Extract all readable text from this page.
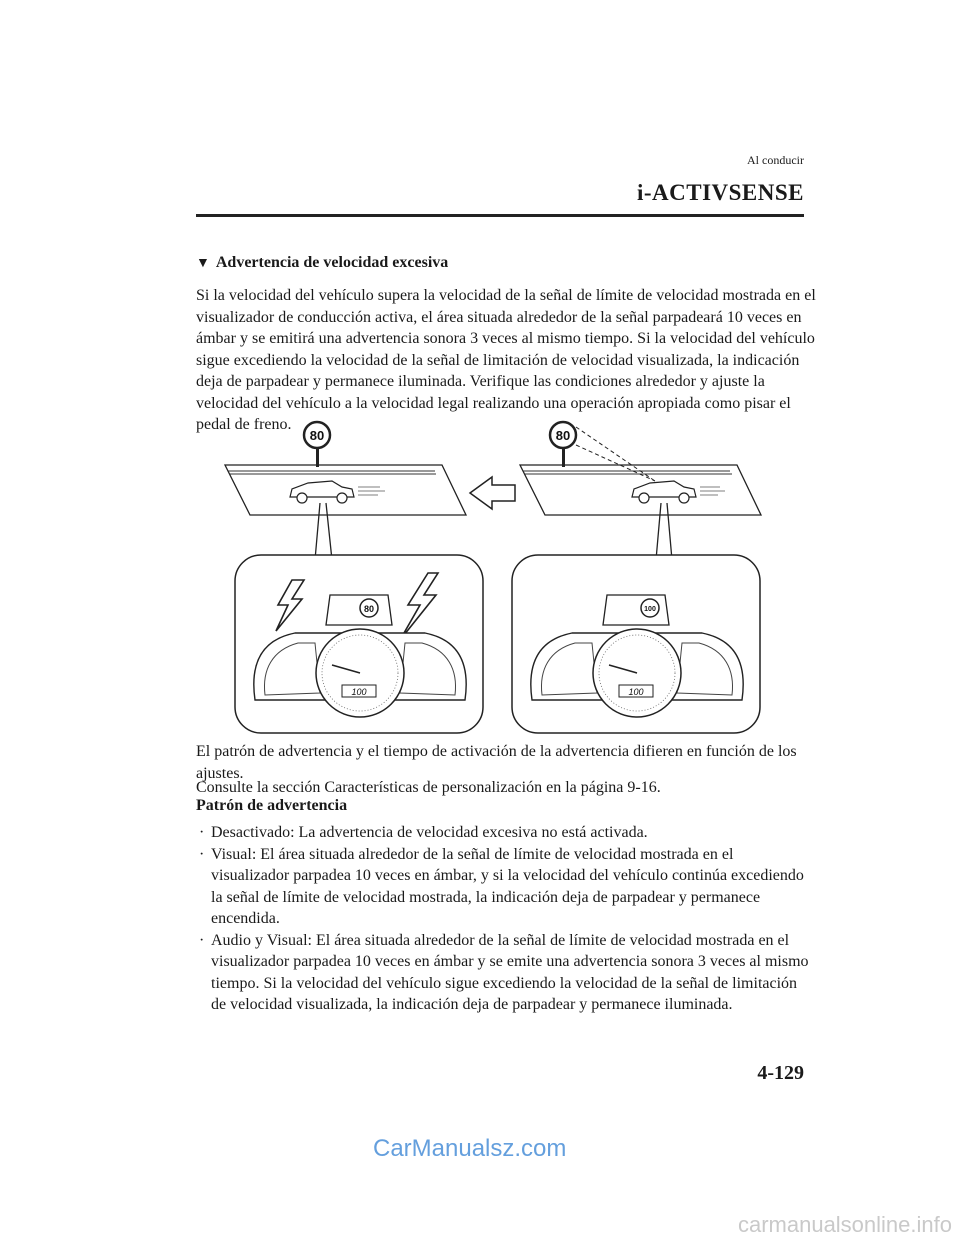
Al conducir
i-ACTIVSENSE
▼ Advertencia de velocidad excesiva

Si la velocidad del vehículo supera la velocidad de la señal de límite de velocidad mostrada en el visualizador de conducción activa, el área situada alrededor de la señal parpadeará 10 veces en ámbar y se emitirá una advertencia sonora 3 veces al mismo tiempo. Si la velocidad del vehículo sigue excediendo la velocidad de la señal de limitación de velocidad visualizada, la indicación deja de parpadear y permanece iluminada. Verifique las condiciones alrededor y ajuste la velocidad del vehículo a la velocidad legal realizando una operación apropiada como pisar el pedal de freno.

80	80
80
100
100
100

El patrón de advertencia y el tiempo de activación de la advertencia difieren en función de los ajustes.

Consulte la sección Características de personalización en la página 9-16.

Patrón de advertencia
· Desactivado: La advertencia de velocidad excesiva no está activada.
· Visual: El área situada alrededor de la señal de límite de velocidad mostrada en el visualizador parpadea 10 veces en ámbar, y si la velocidad del vehículo continúa excediendo la señal de límite de velocidad mostrada, la indicación deja de parpadear y permanece encendida.
· Audio y Visual: El área situada alrededor de la señal de límite de velocidad mostrada en el visualizador parpadea 10 veces en ámbar y se emite una advertencia sonora 3 veces al mismo tiempo. Si la velocidad del vehículo sigue excediendo la velocidad de la señal de limitación de velocidad visualizada, la indicación deja de parpadear y permanece iluminada.
CarManualsz.com
4-129
carmanualsonline.info
